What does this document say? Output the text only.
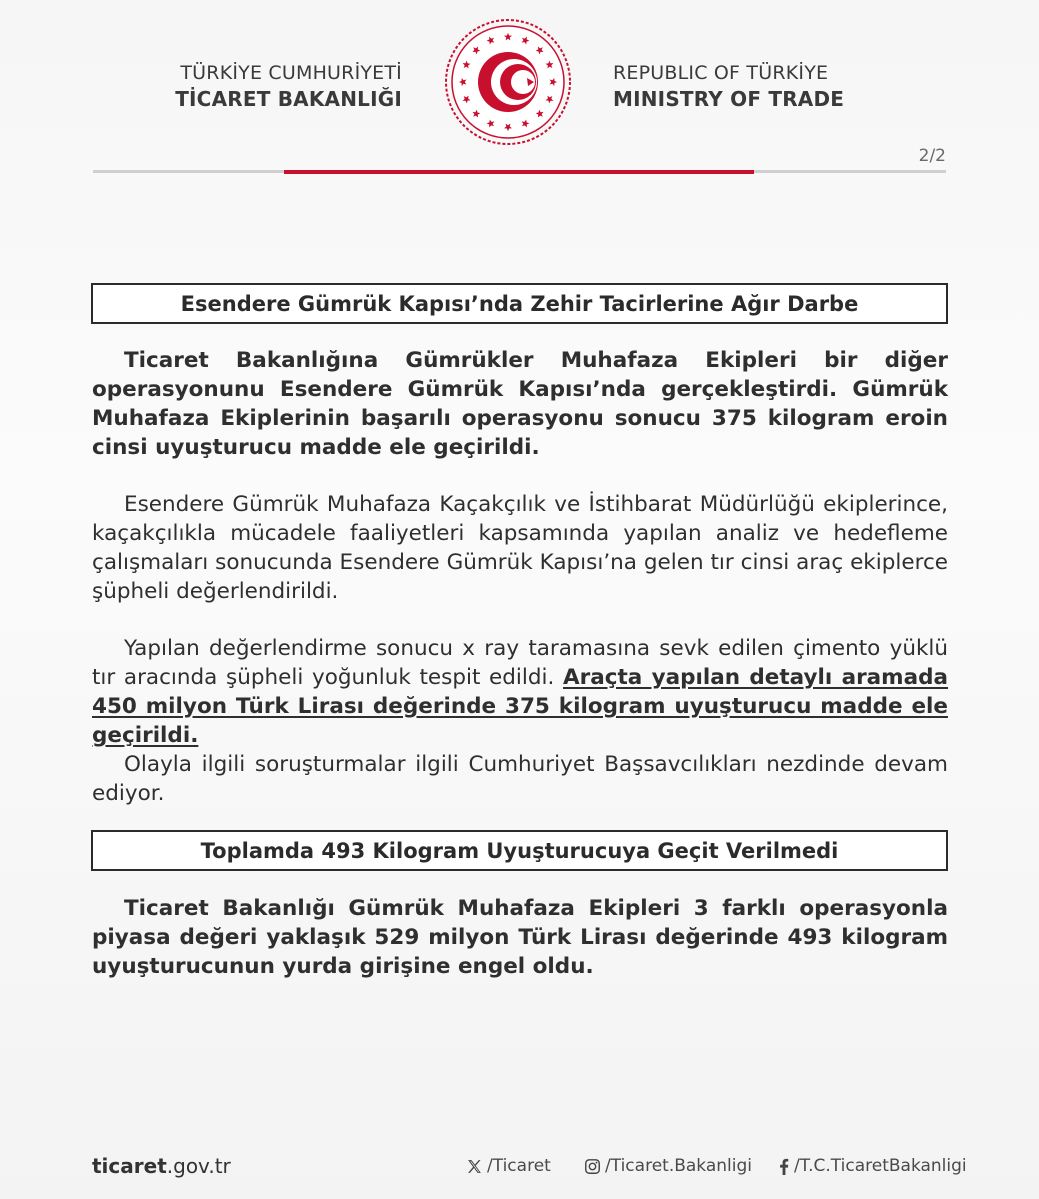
TÜRKİYE CUMHURİYETİ
TİCARET BAKANLIĞI
REPUBLIC OF TÜRKİYE
MINISTRY OF TRADE
2/2
Esendere Gümrük Kapısı’nda Zehir Tacirlerine Ağır Darbe

Ticaret Bakanlığına Gümrükler Muhafaza Ekipleri bir diğer operasyonunu Esendere Gümrük Kapısı’nda gerçekleştirdi. Gümrük Muhafaza Ekiplerinin başarılı operasyonu sonucu 375 kilogram eroin cinsi uyuşturucu madde ele geçirildi.

Esendere Gümrük Muhafaza Kaçakçılık ve İstihbarat Müdürlüğü ekiplerince, kaçakçılıkla mücadele faaliyetleri kapsamında yapılan analiz ve hedefleme çalışmaları sonucunda Esendere Gümrük Kapısı’na gelen tır cinsi araç ekiplerce şüpheli değerlendirildi.

Yapılan değerlendirme sonucu x ray taramasına sevk edilen çimento yüklü tır aracında şüpheli yoğunluk tespit edildi. Araçta yapılan detaylı aramada 450 milyon Türk Lirası değerinde 375 kilogram uyuşturucu madde ele geçirildi.

Olayla ilgili soruşturmalar ilgili Cumhuriyet Başsavcılıkları nezdinde devam ediyor.

Toplamda 493 Kilogram Uyuşturucuya Geçit Verilmedi

Ticaret Bakanlığı Gümrük Muhafaza Ekipleri 3 farklı operasyonla piyasa değeri yaklaşık 529 milyon Türk Lirası değerinde 493 kilogram uyuşturucunun yurda girişine engel oldu.

ticaret.gov.tr	/Ticaret	/Ticaret.Bakanligi /T.C.TicaretBakanligi
